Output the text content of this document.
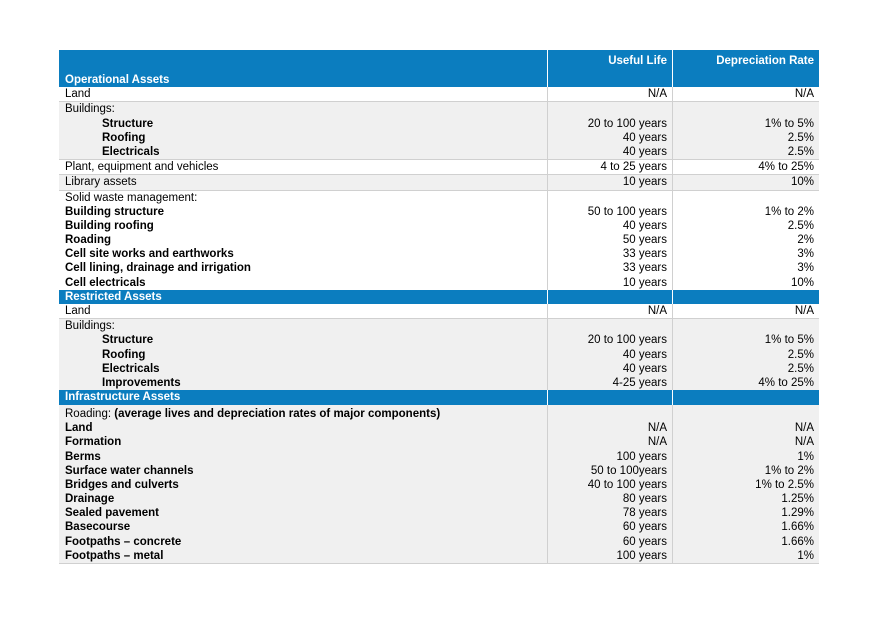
Useful Life	Depreciation Rate
Operational Assets
Land	N/A	N/A
Buildings:
Structure	20 to 100 years	1% to 5%
Roofing	40 years	2.5%
Electricals	40 years	2.5%
Plant, equipment and vehicles	4 to 25 years	4% to 25%
Library assets	10 years	10%
Solid waste management:
Building structure	50 to 100 years	1% to 2%
Building roofing	40 years	2.5%
Roading	50 years	2%
Cell site works and earthworks	33 years	3%
Cell lining, drainage and irrigation	33 years	3%
Cell electricals	10 years	10%
Restricted Assets
Land	N/A	N/A
Buildings:
Structure	20 to 100 years	1% to 5%
Roofing	40 years	2.5%
Electricals	40 years	2.5%
Improvements	4-25 years	4% to 25%
Infrastructure Assets
Roading: (average lives and depreciation rates of major components)
Land	N/A	N/A
Formation	N/A	N/A
Berms	100 years	1%
Surface water channels	50 to 100years	1% to 2%
Bridges and culverts	40 to 100 years	1% to 2.5%
Drainage	80 years	1.25%
Sealed pavement	78 years	1.29%
Basecourse	60 years	1.66%
Footpaths – concrete	60 years	1.66%
Footpaths – metal	100 years	1%
